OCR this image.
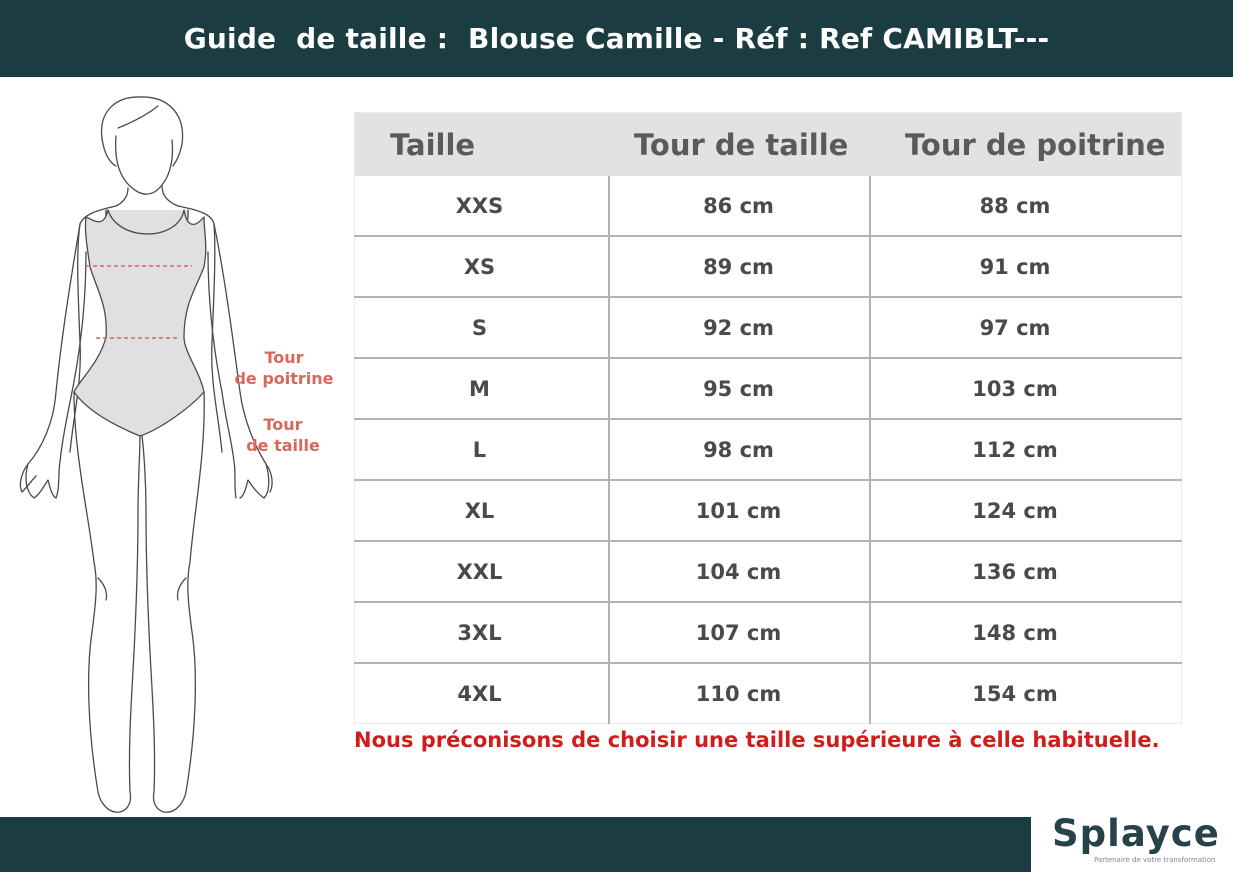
Guide  de taille :  Blouse Camille - Réf : Ref CAMIBLT---
Tour
de poitrine
Tour
de taille
Taille	Tour de taille	Tour de poitrine
XXS	86 cm	88 cm
XS	89 cm	91 cm
S	92 cm	97 cm
M	95 cm	103 cm
L	98 cm	112 cm
XL	101 cm	124 cm
XXL	104 cm	136 cm
3XL	107 cm	148 cm
4XL	110 cm	154 cm
Nous préconisons de choisir une taille supérieure à celle habituelle.
Splayce
Partenaire de votre transformation
